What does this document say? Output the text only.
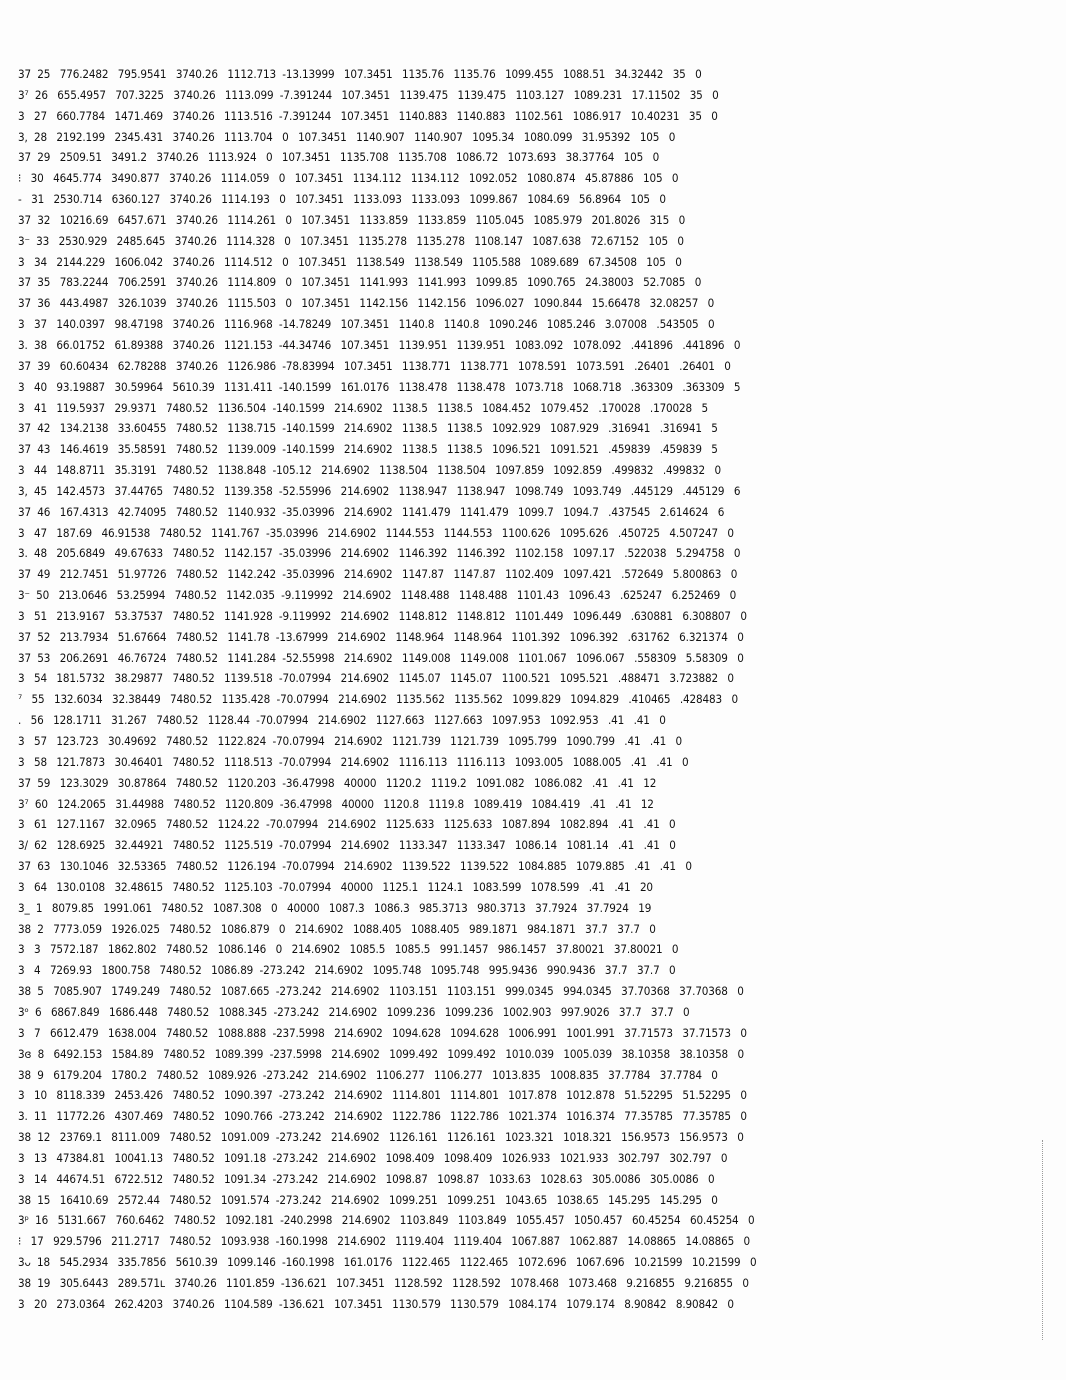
37  25   776.2482   795.9541   3740.26   1112.713  -13.13999   107.3451   1135.76   1135.76   1099.455   1088.51   34.32442   35   0
3⁷  26   655.4957   707.3225   3740.26   1113.099  -7.391244   107.3451   1139.475   1139.475   1103.127   1089.231   17.11502   35   0
3   27   660.7784   1471.469   3740.26   1113.516  -7.391244   107.3451   1140.883   1140.883   1102.561   1086.917   10.40231   35   0
3,  28   2192.199   2345.431   3740.26   1113.704   0   107.3451   1140.907   1140.907   1095.34   1080.099   31.95392   105   0
37  29   2509.51   3491.2   3740.26   1113.924   0   107.3451   1135.708   1135.708   1086.72   1073.693   38.37764   105   0
⁝   30   4645.774   3490.877   3740.26   1114.059   0   107.3451   1134.112   1134.112   1092.052   1080.874   45.87886   105   0
-   31   2530.714   6360.127   3740.26   1114.193   0   107.3451   1133.093   1133.093   1099.867   1084.69   56.8964   105   0
37  32   10216.69   6457.671   3740.26   1114.261   0   107.3451   1133.859   1133.859   1105.045   1085.979   201.8026   315   0
3⁻  33   2530.929   2485.645   3740.26   1114.328   0   107.3451   1135.278   1135.278   1108.147   1087.638   72.67152   105   0
3   34   2144.229   1606.042   3740.26   1114.512   0   107.3451   1138.549   1138.549   1105.588   1089.689   67.34508   105   0
37  35   783.2244   706.2591   3740.26   1114.809   0   107.3451   1141.993   1141.993   1099.85   1090.765   24.38003   52.7085   0
37  36   443.4987   326.1039   3740.26   1115.503   0   107.3451   1142.156   1142.156   1096.027   1090.844   15.66478   32.08257   0
3   37   140.0397   98.47198   3740.26   1116.968  -14.78249   107.3451   1140.8   1140.8   1090.246   1085.246   3.07008   .543505   0
3.  38   66.01752   61.89388   3740.26   1121.153  -44.34746   107.3451   1139.951   1139.951   1083.092   1078.092   .441896   .441896   0
37  39   60.60434   62.78288   3740.26   1126.986  -78.83994   107.3451   1138.771   1138.771   1078.591   1073.591   .26401   .26401   0
3   40   93.19887   30.59964   5610.39   1131.411  -140.1599   161.0176   1138.478   1138.478   1073.718   1068.718   .363309   .363309   5
3   41   119.5937   29.9371   7480.52   1136.504  -140.1599   214.6902   1138.5   1138.5   1084.452   1079.452   .170028   .170028   5
37  42   134.2138   33.60455   7480.52   1138.715  -140.1599   214.6902   1138.5   1138.5   1092.929   1087.929   .316941   .316941   5
37  43   146.4619   35.58591   7480.52   1139.009  -140.1599   214.6902   1138.5   1138.5   1096.521   1091.521   .459839   .459839   5
3   44   148.8711   35.3191   7480.52   1138.848  -105.12   214.6902   1138.504   1138.504   1097.859   1092.859   .499832   .499832   0
3,  45   142.4573   37.44765   7480.52   1139.358  -52.55996   214.6902   1138.947   1138.947   1098.749   1093.749   .445129   .445129   6
37  46   167.4313   42.74095   7480.52   1140.932  -35.03996   214.6902   1141.479   1141.479   1099.7   1094.7   .437545   2.614624   6
3   47   187.69   46.91538   7480.52   1141.767  -35.03996   214.6902   1144.553   1144.553   1100.626   1095.626   .450725   4.507247   0
3.  48   205.6849   49.67633   7480.52   1142.157  -35.03996   214.6902   1146.392   1146.392   1102.158   1097.17   .522038   5.294758   0
37  49   212.7451   51.97726   7480.52   1142.242  -35.03996   214.6902   1147.87   1147.87   1102.409   1097.421   .572649   5.800863   0
3⁻  50   213.0646   53.25994   7480.52   1142.035  -9.119992   214.6902   1148.488   1148.488   1101.43   1096.43   .625247   6.252469   0
3   51   213.9167   53.37537   7480.52   1141.928  -9.119992   214.6902   1148.812   1148.812   1101.449   1096.449   .630881   6.308807   0
37  52   213.7934   51.67664   7480.52   1141.78  -13.67999   214.6902   1148.964   1148.964   1101.392   1096.392   .631762   6.321374   0
37  53   206.2691   46.76724   7480.52   1141.284  -52.55998   214.6902   1149.008   1149.008   1101.067   1096.067   .558309   5.58309   0
3   54   181.5732   38.29877   7480.52   1139.518  -70.07994   214.6902   1145.07   1145.07   1100.521   1095.521   .488471   3.723882   0
⁷   55   132.6034   32.38449   7480.52   1135.428  -70.07994   214.6902   1135.562   1135.562   1099.829   1094.829   .410465   .428483   0
.   56   128.1711   31.267   7480.52   1128.44  -70.07994   214.6902   1127.663   1127.663   1097.953   1092.953   .41   .41   0
3   57   123.723   30.49692   7480.52   1122.824  -70.07994   214.6902   1121.739   1121.739   1095.799   1090.799   .41   .41   0
3   58   121.7873   30.46401   7480.52   1118.513  -70.07994   214.6902   1116.113   1116.113   1093.005   1088.005   .41   .41   0
37  59   123.3029   30.87864   7480.52   1120.203  -36.47998   40000   1120.2   1119.2   1091.082   1086.082   .41   .41   12
3⁷  60   124.2065   31.44988   7480.52   1120.809  -36.47998   40000   1120.8   1119.8   1089.419   1084.419   .41   .41   12
3   61   127.1167   32.0965   7480.52   1124.22  -70.07994   214.6902   1125.633   1125.633   1087.894   1082.894   .41   .41   0
3/  62   128.6925   32.44921   7480.52   1125.519  -70.07994   214.6902   1133.347   1133.347   1086.14   1081.14   .41   .41   0
37  63   130.1046   32.53365   7480.52   1126.194  -70.07994   214.6902   1139.522   1139.522   1084.885   1079.885   .41   .41   0
3   64   130.0108   32.48615   7480.52   1125.103  -70.07994   40000   1125.1   1124.1   1083.599   1078.599   .41   .41   20
3_  1   8079.85   1991.061   7480.52   1087.308   0   40000   1087.3   1086.3   985.3713   980.3713   37.7924   37.7924   19
38  2   7773.059   1926.025   7480.52   1086.879   0   214.6902   1088.405   1088.405   989.1871   984.1871   37.7   37.7   0
3   3   7572.187   1862.802   7480.52   1086.146   0   214.6902   1085.5   1085.5   991.1457   986.1457   37.80021   37.80021   0
3   4   7269.93   1800.758   7480.52   1086.89  -273.242   214.6902   1095.748   1095.748   995.9436   990.9436   37.7   37.7   0
38  5   7085.907   1749.249   7480.52   1087.665  -273.242   214.6902   1103.151   1103.151   999.0345   994.0345   37.70368   37.70368   0
3ᵒ  6   6867.849   1686.448   7480.52   1088.345  -273.242   214.6902   1099.236   1099.236   1002.903   997.9026   37.7   37.7   0
3   7   6612.479   1638.004   7480.52   1088.888  -237.5998   214.6902   1094.628   1094.628   1006.991   1001.991   37.71573   37.71573   0
3ɞ  8   6492.153   1584.89   7480.52   1089.399  -237.5998   214.6902   1099.492   1099.492   1010.039   1005.039   38.10358   38.10358   0
38  9   6179.204   1780.2   7480.52   1089.926  -273.242   214.6902   1106.277   1106.277   1013.835   1008.835   37.7784   37.7784   0
3   10   8118.339   2453.426   7480.52   1090.397  -273.242   214.6902   1114.801   1114.801   1017.878   1012.878   51.52295   51.52295   0
3.  11   11772.26   4307.469   7480.52   1090.766  -273.242   214.6902   1122.786   1122.786   1021.374   1016.374   77.35785   77.35785   0
38  12   23769.1   8111.009   7480.52   1091.009  -273.242   214.6902   1126.161   1126.161   1023.321   1018.321   156.9573   156.9573   0
3   13   47384.81   10041.13   7480.52   1091.18  -273.242   214.6902   1098.409   1098.409   1026.933   1021.933   302.797   302.797   0
3   14   44674.51   6722.512   7480.52   1091.34  -273.242   214.6902   1098.87   1098.87   1033.63   1028.63   305.0086   305.0086   0
38  15   16410.69   2572.44   7480.52   1091.574  -273.242   214.6902   1099.251   1099.251   1043.65   1038.65   145.295   145.295   0
3ᵖ  16   5131.667   760.6462   7480.52   1092.181  -240.2998   214.6902   1103.849   1103.849   1055.457   1050.457   60.45254   60.45254   0
⁝   17   929.5796   211.2717   7480.52   1093.938  -160.1998   214.6902   1119.404   1119.404   1067.887   1062.887   14.08865   14.08865   0
3ᴗ  18   545.2934   335.7856   5610.39   1099.146  -160.1998   161.0176   1122.465   1122.465   1072.696   1067.696   10.21599   10.21599   0
38  19   305.6443   289.571ʟ   3740.26   1101.859  -136.621   107.3451   1128.592   1128.592   1078.468   1073.468   9.216855   9.216855   0
3   20   273.0364   262.4203   3740.26   1104.589  -136.621   107.3451   1130.579   1130.579   1084.174   1079.174   8.90842   8.90842   0
